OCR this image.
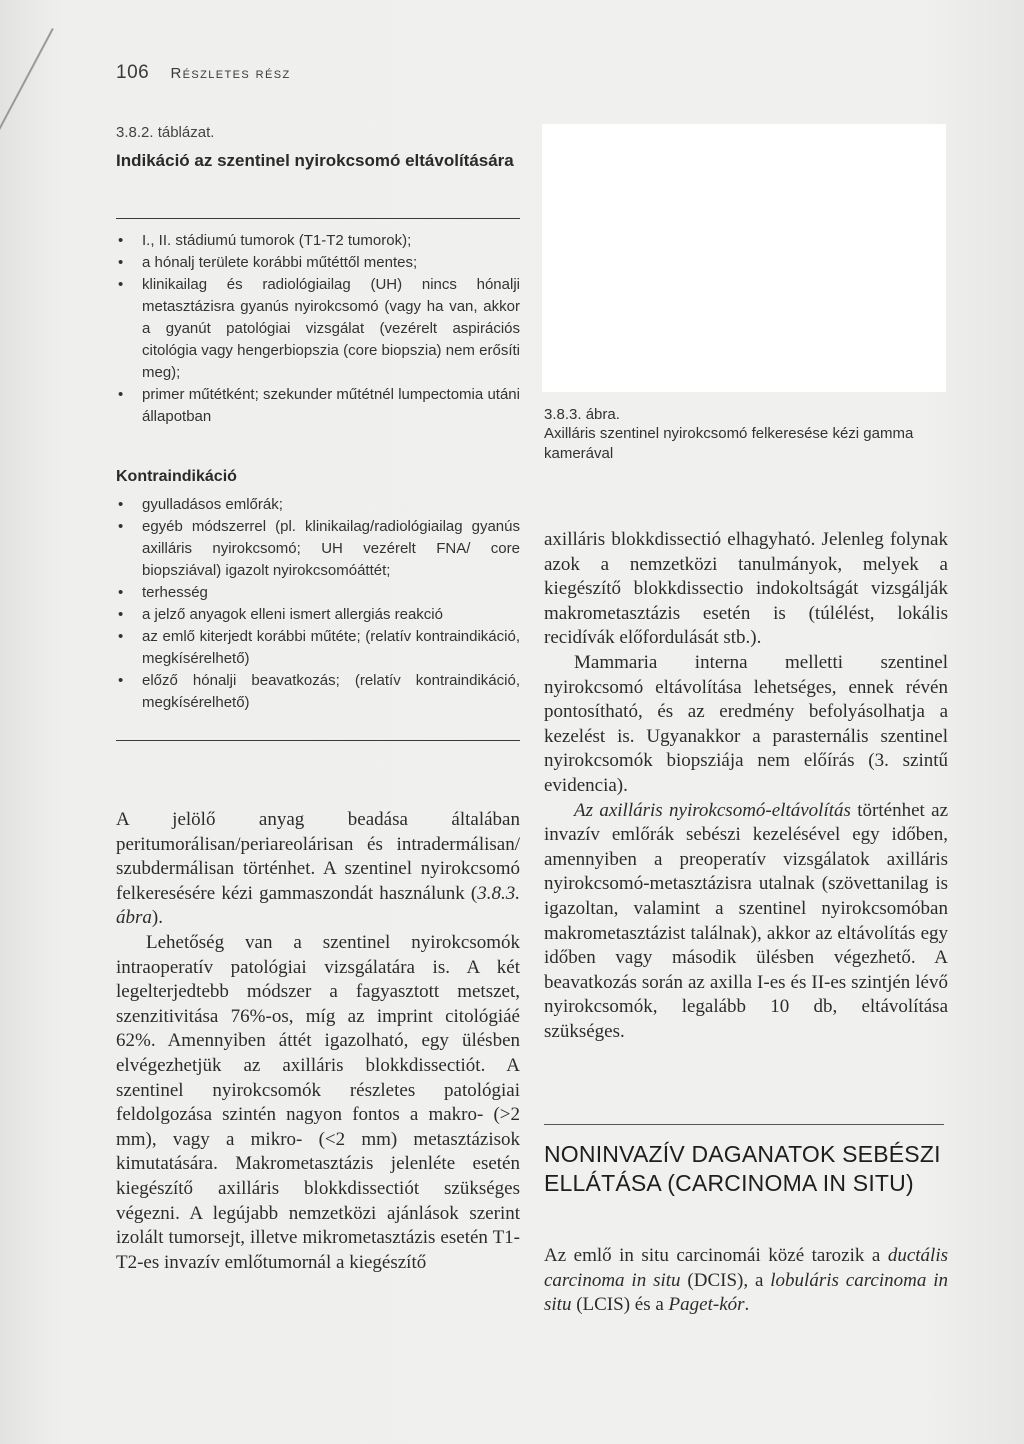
106 Részletes rész
3.8.2. táblázat.
Indikáció az szentinel nyirokcsomó eltávolítására
• I., II. stádiumú tumorok (T1-T2 tumorok);
• a hónalj területe korábbi műtéttől mentes;
• klinikailag és radiológiailag (UH) nincs hónalji metasztázisra gyanús nyirokcsomó (vagy ha van, akkor a gyanút patológiai vizsgálat (vezérelt aspirációs citológia vagy hengerbiopszia (core biopszia) nem erősíti meg);
• primer műtétként; szekunder műtétnél lumpectomia utáni állapotban
Kontraindikáció
• gyulladásos emlőrák;
• egyéb módszerrel (pl. klinikailag/radiológiailag gyanús axilláris nyirokcsomó; UH vezérelt FNA/ core biopsziával) igazolt nyirokcsomóáttét;
• terhesség
• a jelző anyagok elleni ismert allergiás reakció
• az emlő kiterjedt korábbi műtéte; (relatív kontraindikáció, megkísérelhető)
• előző hónalji beavatkozás; (relatív kontraindikáció, megkísérelhető)

A jelölő anyag beadása általában peritumorálisan/periareolárisan és intradermálisan/ szubdermálisan történhet. A szentinel nyirokcsomó felkeresésére kézi gammaszondát használunk (3.8.3. ábra).

Lehetőség van a szentinel nyirokcsomók intraoperatív patológiai vizsgálatára is. A két legelterjedtebb módszer a fagyasztott metszet, szenzitivitása 76%-os, míg az imprint citológiáé 62%. Amennyiben áttét igazolható, egy ülésben elvégezhetjük az axilláris blokkdissectiót. A szentinel nyirokcsomók részletes patológiai feldolgozása szintén nagyon fontos a makro- (>2 mm), vagy a mikro- (<2 mm) metasztázisok kimutatására. Makrometasztázis jelenléte esetén kiegészítő axilláris blokkdissectiót szükséges végezni. A legújabb nemzetközi ajánlások szerint izolált tumorsejt, illetve mikrometasztázis esetén T1-T2-es invazív emlőtumornál a kiegészítő

3.8.3. ábra.
Axilláris szentinel nyirokcsomó felkeresése kézi gamma kamerával

axilláris blokkdissectió elhagyható. Jelenleg folynak azok a nemzetközi tanulmányok, melyek a kiegészítő blokkdissectio indokoltságát vizsgálják makrometasztázis esetén is (túlélést, lokális recidívák előfordulását stb.).

Mammaria interna melletti szentinel nyirokcsomó eltávolítása lehetséges, ennek révén pontosítható, és az eredmény befolyásolhatja a kezelést is. Ugyanakkor a parasternális szentinel nyirokcsomók biopsziája nem előírás (3. szintű evidencia).

Az axilláris nyirokcsomó-eltávolítás történhet az invazív emlőrák sebészi kezelésével egy időben, amennyiben a preoperatív vizsgálatok axilláris nyirokcsomó-metasztázisra utalnak (szövettanilag is igazoltan, valamint a szentinel nyirokcsomóban makrometasztázist találnak), akkor az eltávolítás egy időben vagy második ülésben végezhető. A beavatkozás során az axilla I-es és II-es szintjén lévő nyirokcsomók, legalább 10 db, eltávolítása szükséges.

NONINVAZÍV DAGANATOK SEBÉSZI ELLÁTÁSA (CARCINOMA IN SITU)

Az emlő in situ carcinomái közé tarozik a ductális carcinoma in situ (DCIS), a lobuláris carcinoma in situ (LCIS) és a Paget-kór.
